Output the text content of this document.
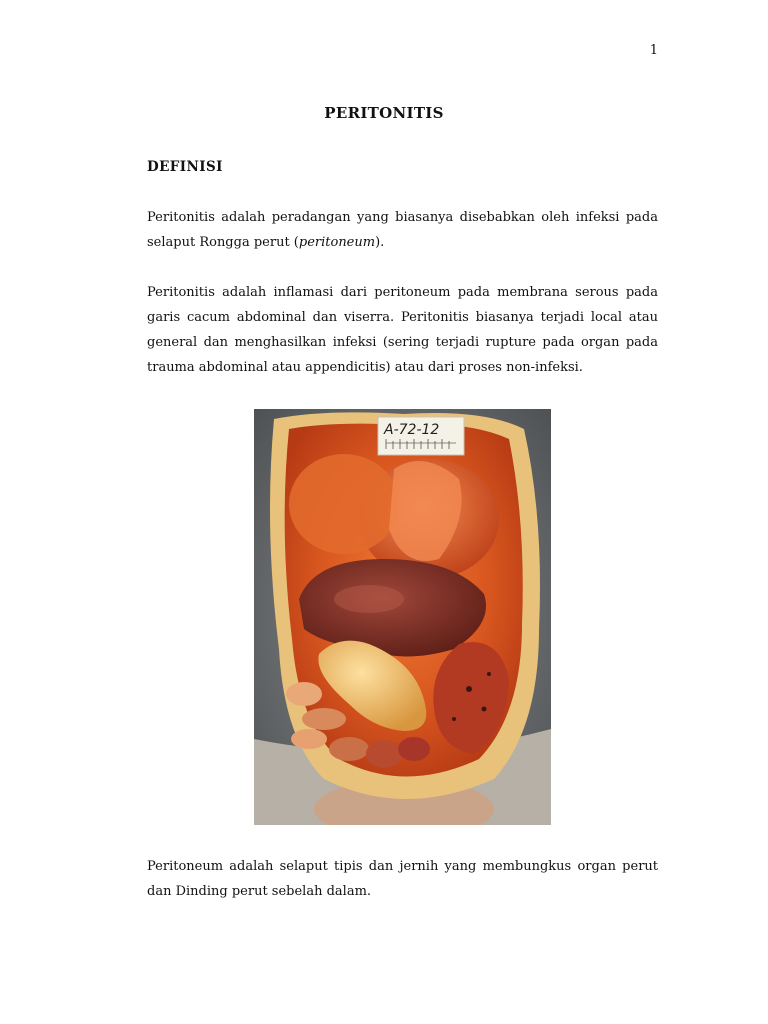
1
PERITONITIS
DEFINISI

Peritonitis adalah peradangan yang biasanya disebabkan oleh infeksi pada selaput Rongga perut (peritoneum).

Peritonitis adalah inflamasi dari peritoneum pada membrana serous pada garis cacum abdominal dan viserra. Peritonitis biasanya terjadi local atau general dan menghasilkan infeksi (sering terjadi rupture pada organ pada trauma abdominal atau appendicitis) atau dari proses non-infeksi.

A-72-12

Peritoneum adalah selaput tipis dan jernih yang membungkus organ perut dan Dinding perut sebelah dalam.
